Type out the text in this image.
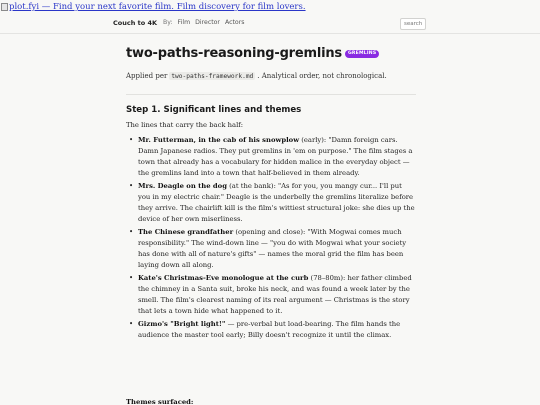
plot.fyi — Find your next favorite film. Film discovery for film lovers.
Couch to 4K By: Film Director Actors	search
two-paths-reasoning-gremlins	GREMLINS
Applied per two-paths-framework.md . Analytical order, not chronological.
Step 1. Significant lines and themes

The lines that carry the back half:

• Mr. Futterman, in the cab of his snowplow (early): "Damn foreign cars. Damn Japanese radios. They put gremlins in 'em on purpose." The film stages a town that already has a vocabulary for hidden malice in the everyday object — the gremlins land into a town that half-believed in them already.
• Mrs. Deagle on the dog (at the bank): "As for you, you mangy cur... I'll put you in my electric chair." Deagle is the underbelly the gremlins literalize before they arrive. The chairlift kill is the film's wittiest structural joke: she dies up the device of her own miserliness.
• The Chinese grandfather (opening and close): "With Mogwai comes much responsibility." The wind-down line — "you do with Mogwai what your society has done with all of nature's gifts" — names the moral grid the film has been laying down all along.
• Kate's Christmas-Eve monologue at the curb (78–80m): her father climbed the chimney in a Santa suit, broke his neck, and was found a week later by the smell. The film's clearest naming of its real argument — Christmas is the story that lets a town hide what happened to it.
• Gizmo's "Bright light!" — pre-verbal but load-bearing. The film hands the audience the master tool early; Billy doesn't recognize it until the climax.
Themes surfaced:
